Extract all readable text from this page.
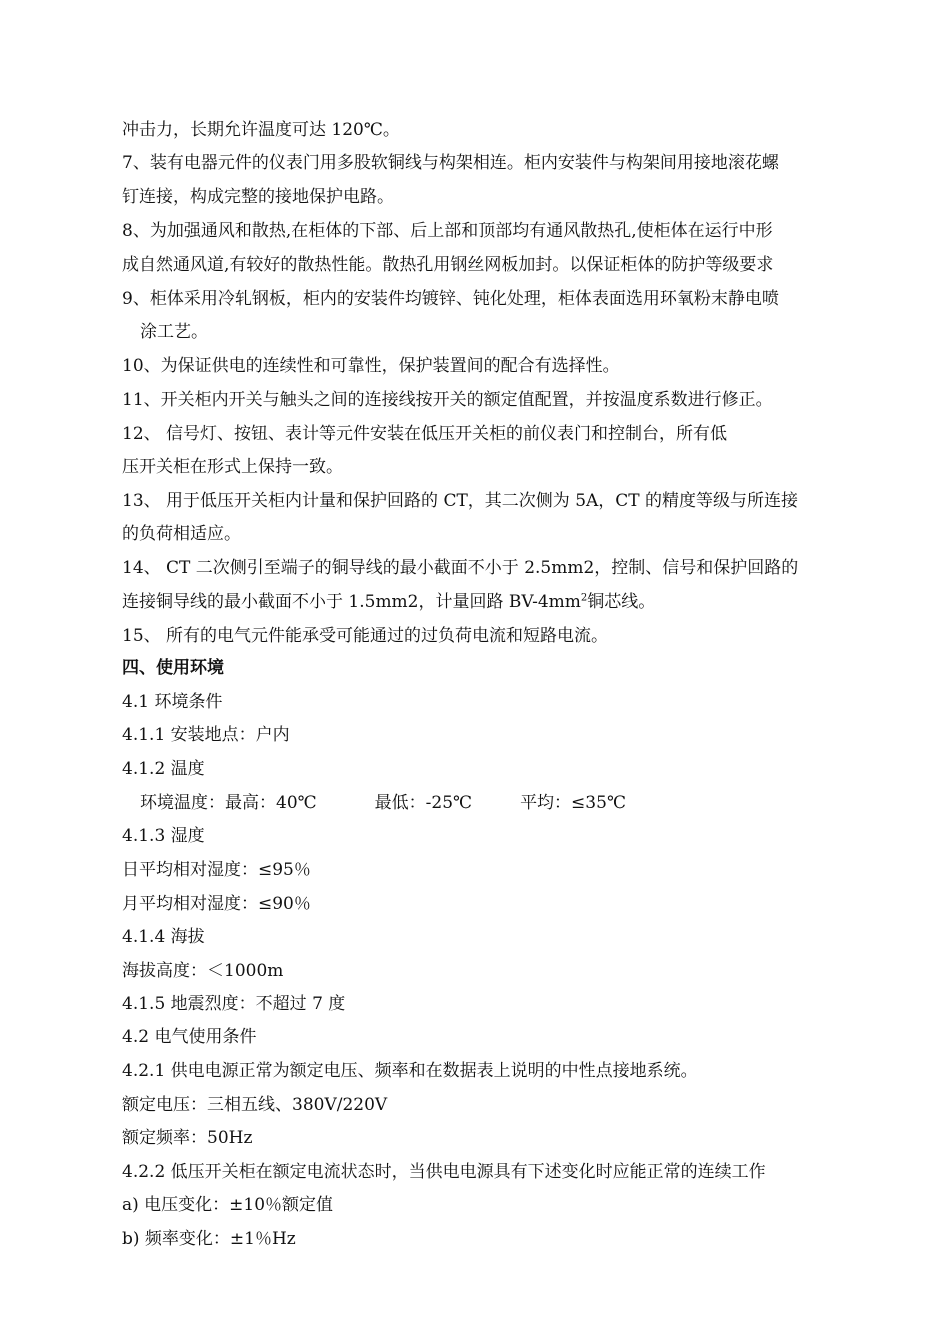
冲击力，长期允许温度可达 120℃。
7、装有电器元件的仪表门用多股软铜线与构架相连。柜内安装件与构架间用接地滚花螺
钉连接，构成完整的接地保护电路。
8、为加强通风和散热,在柜体的下部、后上部和顶部均有通风散热孔,使柜体在运行中形
成自然通风道,有较好的散热性能。散热孔用钢丝网板加封。以保证柜体的防护等级要求
9、柜体采用冷轧钢板，柜内的安装件均镀锌、钝化处理，柜体表面选用环氧粉末静电喷
涂工艺。
10、为保证供电的连续性和可靠性，保护装置间的配合有选择性。
11、开关柜内开关与触头之间的连接线按开关的额定值配置，并按温度系数进行修正。
12、 信号灯、按钮、表计等元件安装在低压开关柜的前仪表门和控制台，所有低
压开关柜在形式上保持一致。
13、 用于低压开关柜内计量和保护回路的 CT，其二次侧为 5A，CT 的精度等级与所连接
的负荷相适应。
14、 CT 二次侧引至端子的铜导线的最小截面不小于 2.5mm2，控制、信号和保护回路的
连接铜导线的最小截面不小于 1.5mm2，计量回路 $BV-4mm^2$铜芯线。
15、 所有的电气元件能承受可能通过的过负荷电流和短路电流。
四、使用环境
4.1 环境条件
4.1.1 安装地点：户内
4.1.2 温度
环境温度：最高：40℃	最低：-25℃	平均：≤35℃
4.1.3 湿度
日平均相对湿度：≤95％
月平均相对湿度：≤90％
4.1.4 海拔
海拔高度：＜1000m
4.1.5 地震烈度：不超过 7 度
4.2 电气使用条件
4.2.1 供电电源正常为额定电压、频率和在数据表上说明的中性点接地系统。
额定电压：三相五线、380V/220V
额定频率：50Hz
4.2.2 低压开关柜在额定电流状态时，当供电电源具有下述变化时应能正常的连续工作
a) 电压变化：±10％额定值
b) 频率变化：±1％Hz
